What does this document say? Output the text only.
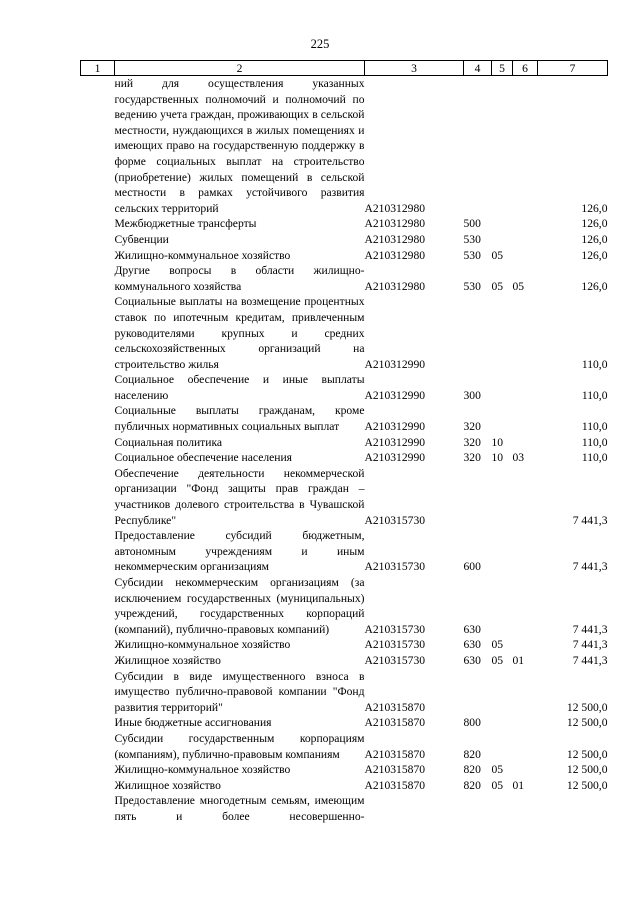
225
1	2	3	4	5	6	7
	ний для осуществления указанных государственных полномочий и полномочий по ведению учета граждан, проживающих в сельской местности, нуждающихся в жилых помещениях и имеющих право на государственную поддержку в форме социальных выплат на строительство (приобретение) жилых помещений в сельской местности в рамках устойчивого развития сельских территорий	А210312980				126,0
	Межбюджетные трансферты	А210312980	500			126,0
	Субвенции	А210312980	530			126,0
	Жилищно-коммунальное хозяйство	А210312980	530	05		126,0
	Другие вопросы в области жилищно-коммунального хозяйства	А210312980	530	05	05	126,0
	Социальные выплаты на возмещение процентных ставок по ипотечным кредитам, привлеченным руководителями крупных и средних сельскохозяйственных организаций на строительство жилья	А210312990				110,0
	Социальное обеспечение и иные выплаты населению	А210312990	300			110,0
	Социальные выплаты гражданам, кроме публичных нормативных социальных выплат	А210312990	320			110,0
	Социальная политика	А210312990	320	10		110,0
	Социальное обеспечение населения	А210312990	320	10	03	110,0
	Обеспечение деятельности некоммерческой организации "Фонд защиты прав граждан – участников долевого строительства в Чувашской Республике"	А210315730				7 441,3
	Предоставление субсидий бюджетным, автономным учреждениям и иным некоммерческим организациям	А210315730	600			7 441,3
	Субсидии некоммерческим организациям (за исключением государственных (муниципальных) учреждений, государственных корпораций (компаний), публично-правовых компаний)	А210315730	630			7 441,3
	Жилищно-коммунальное хозяйство	А210315730	630	05		7 441,3
	Жилищное хозяйство	А210315730	630	05	01	7 441,3
	Субсидии в виде имущественного взноса в имущество публично-правовой компании "Фонд развития территорий"	А210315870				12 500,0
	Иные бюджетные ассигнования	А210315870	800			12 500,0
	Субсидии государственным корпорациям (компаниям), публично-правовым компаниям	А210315870	820			12 500,0
	Жилищно-коммунальное хозяйство	А210315870	820	05		12 500,0
	Жилищное хозяйство	А210315870	820	05	01	12 500,0
	Предоставление многодетным семьям, имеющим пять и более несовершенно-					
